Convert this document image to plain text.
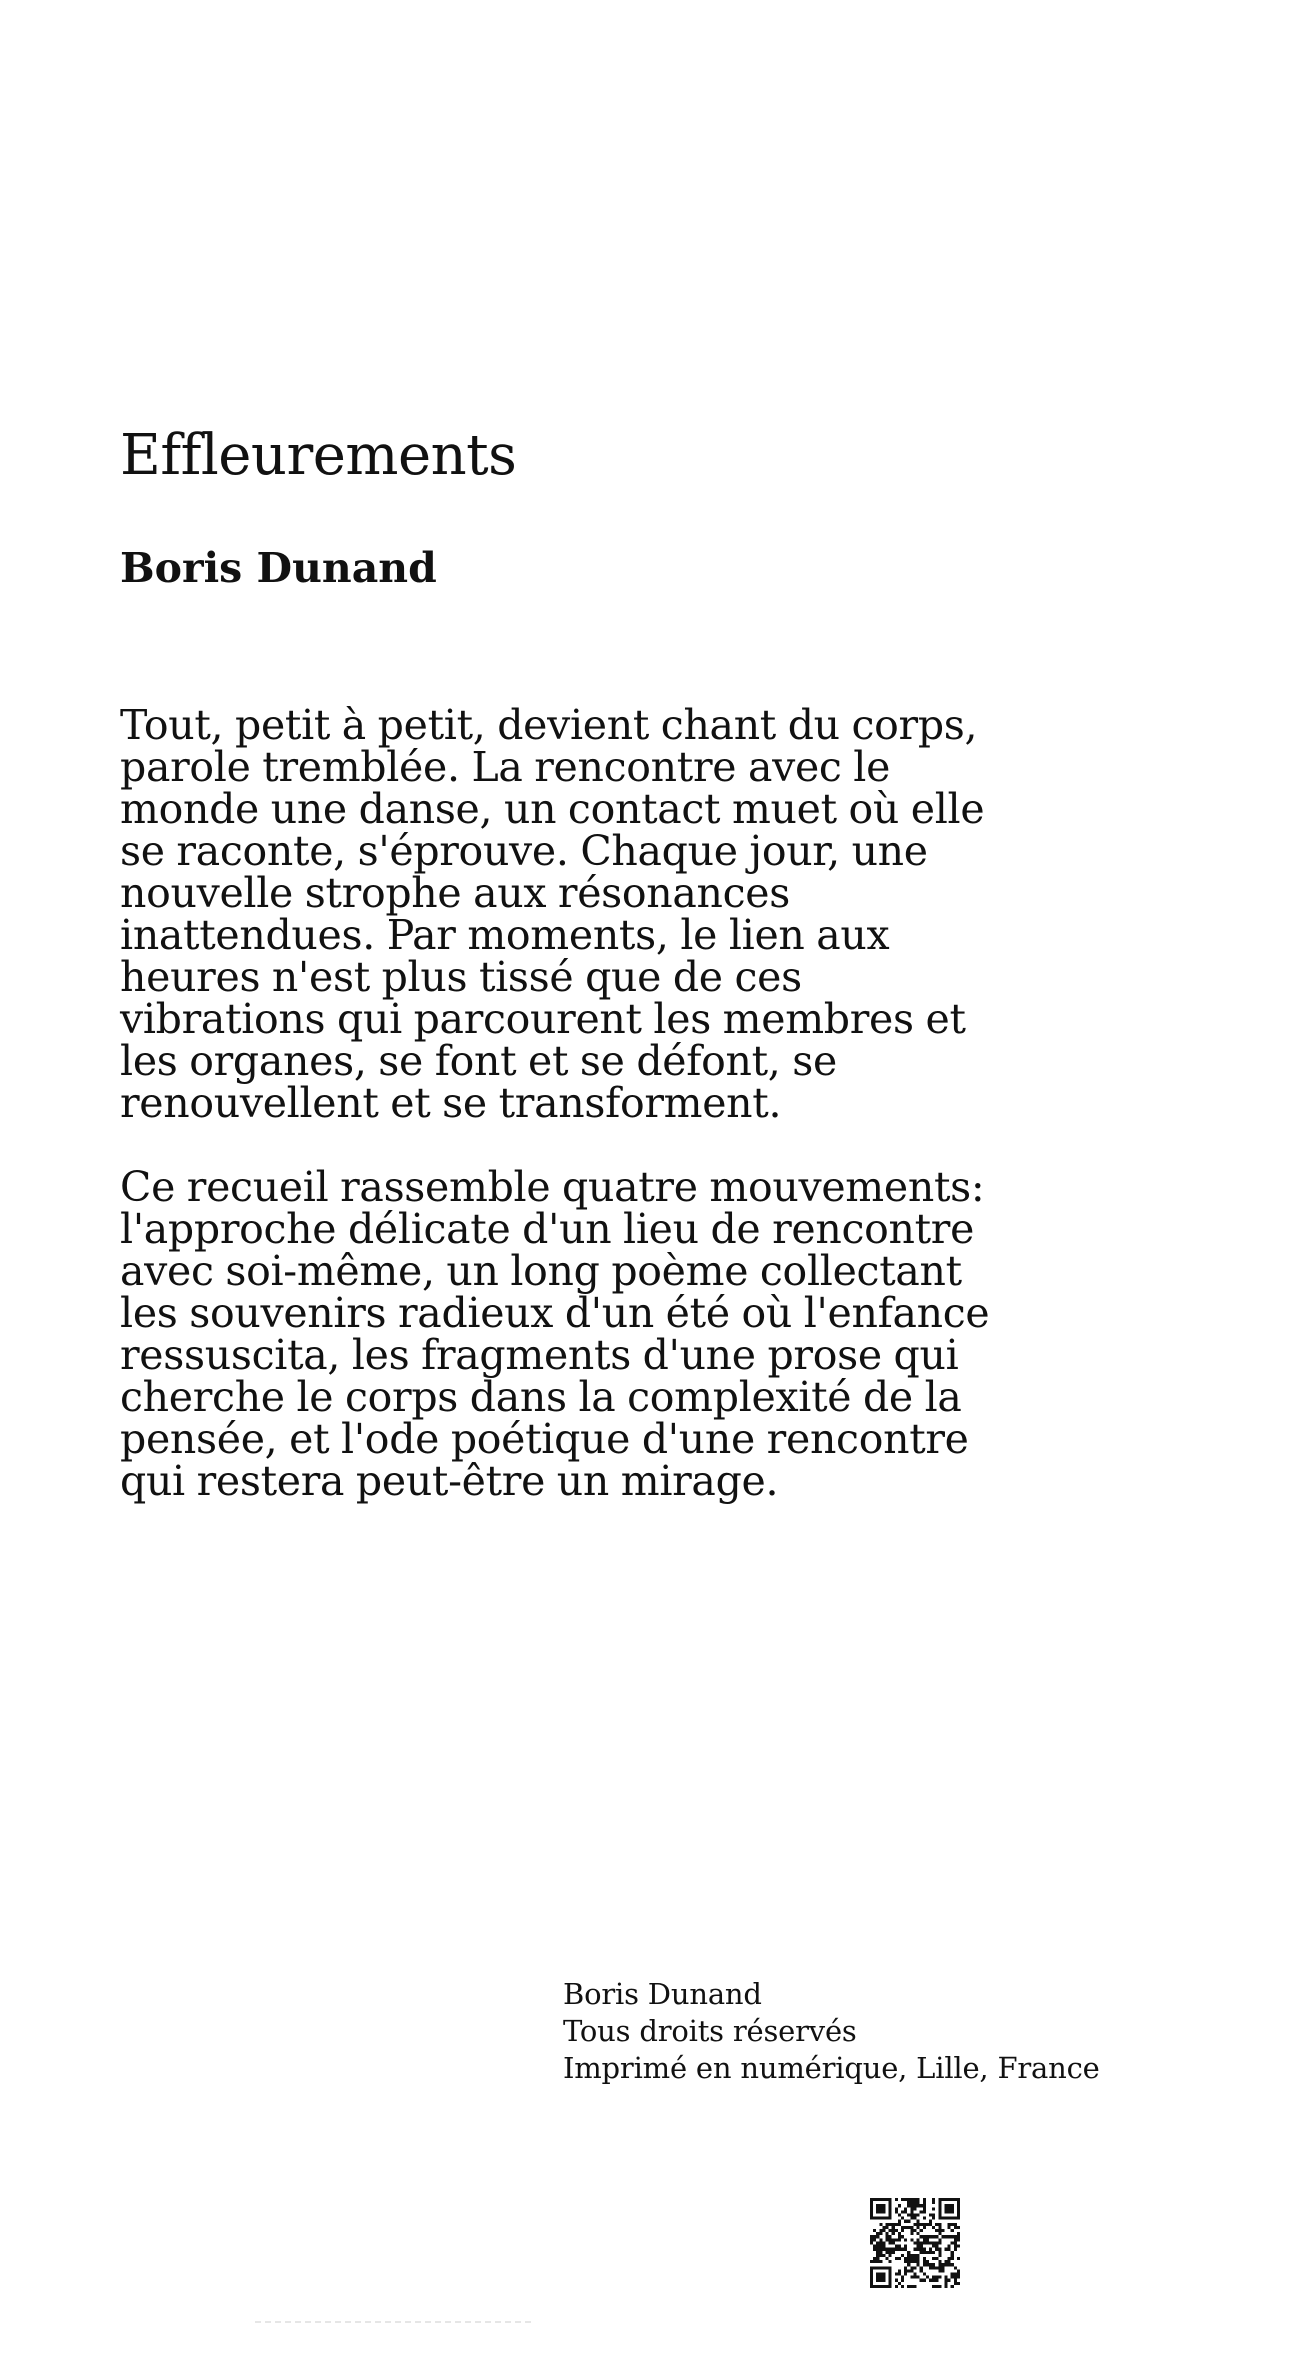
Effleurements
Boris Dunand

Tout, petit à petit, devient chant du corps, parole tremblée. La rencontre avec le monde une danse, un contact muet où elle se raconte, s'éprouve. Chaque jour, une nouvelle strophe aux résonances inattendues. Par moments, le lien aux heures n'est plus tissé que de ces vibrations qui parcourent les membres et les organes, se font et se défont, se renouvellent et se transforment.

Ce recueil rassemble quatre mouvements: l'approche délicate d'un lieu de rencontre avec soi-même, un long poème collectant les souvenirs radieux d'un été où l'enfance ressuscita, les fragments d'une prose qui cherche le corps dans la complexité de la pensée, et l'ode poétique d'une rencontre qui restera peut-être un mirage.

Boris Dunand
Tous droits réservés
Imprimé en numérique, Lille, France
